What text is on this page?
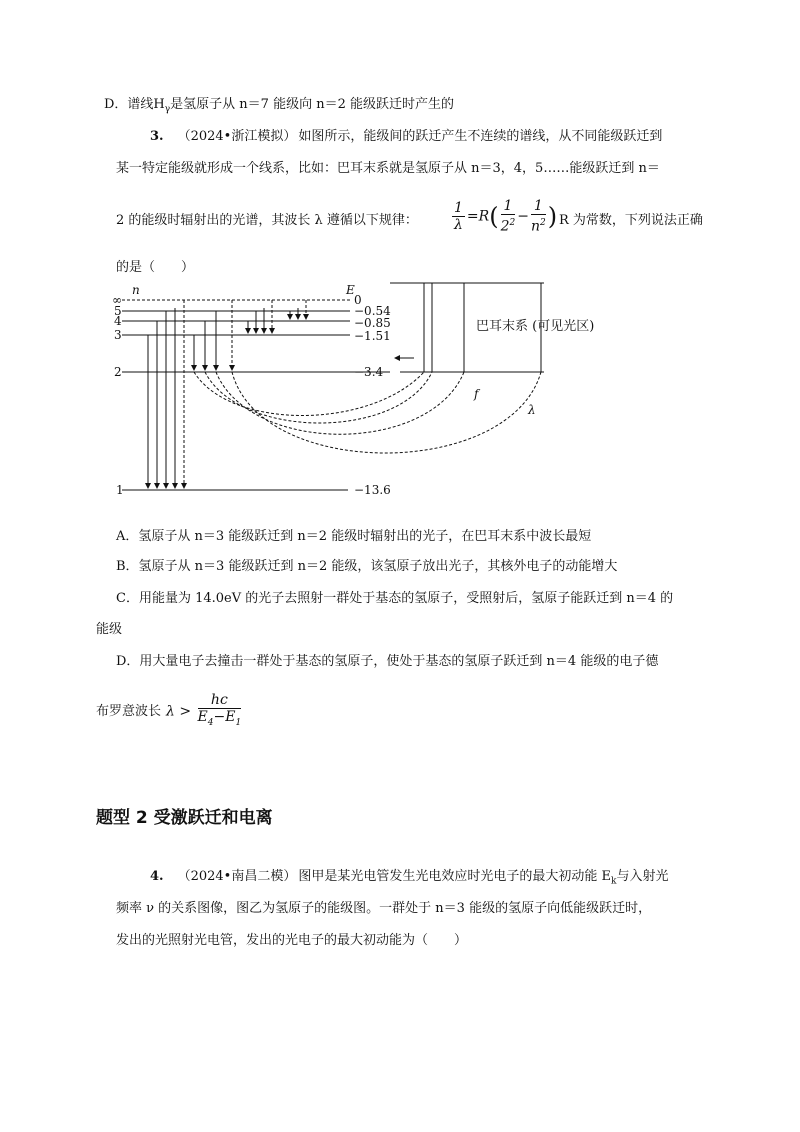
D．谱线$H_\gamma$是氢原子从 n＝7 能级向 n＝2 能级跃迁时产生的
3. （2024•浙江模拟） 如图所示，能级间的跃迁产生不连续的谱线，从不同能级跃迁到
某一特定能级就形成一个线系，比如：巴耳末系就是氢原子从 n＝3，4，5……能级跃迁到 n＝
2 的能级时辐射出的光谱，其波长 λ 遵循以下规律： $\frac{1}{\lambda} =R( \frac{1}{2^2} - \frac{1}{n^2}$ ) R 为常数，下列说法正确
的是（　　）
n	E
∞	0
5	−0.54
4	−0.85
3	−1.51
2	−3.4
1	−13.6
巴耳末系 (可见光区)
f
λ
A．氢原子从 n＝3 能级跃迁到 n＝2 能级时辐射出的光子，在巴耳末系中波长最短
B．氢原子从 n＝3 能级跃迁到 n＝2 能级，该氢原子放出光子，其核外电子的动能增大
C．用能量为 14.0eV 的光子去照射一群处于基态的氢原子，受照射后，氢原子能跃迁到 n＝4 的
能级
D．用大量电子去撞击一群处于基态的氢原子，使处于基态的氢原子跃迁到 n＝4 能级的电子德
布罗意波长 $\lambda > \frac{hc}{E_4-E_1}$
题型 2 受激跃迁和电离
4. （2024•南昌二模） 图甲是某光电管发生光电效应时光电子的最大初动能 $E_k$与入射光
频率 ν 的关系图像，图乙为氢原子的能级图。一群处于 n＝3 能级的氢原子向低能级跃迁时，
发出的光照射光电管，发出的光电子的最大初动能为（　　）
